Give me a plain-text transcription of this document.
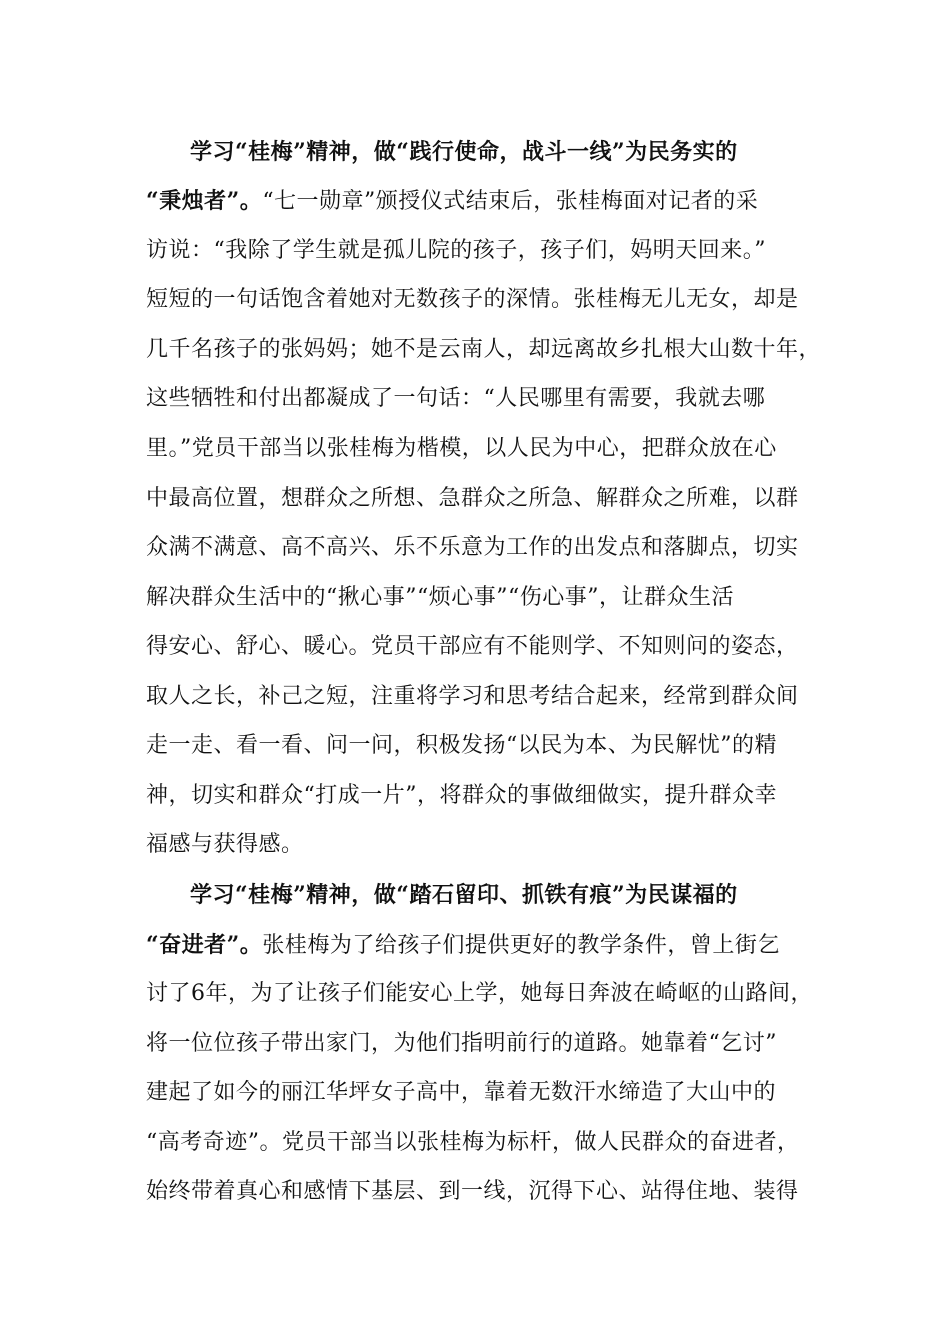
学习“桂梅”精神，做“践行使命，战斗一线”为民务实的
“秉烛者”。“七一勋章”颁授仪式结束后，张桂梅面对记者的采
访说：“我除了学生就是孤儿院的孩子，孩子们，妈明天回来。”
短短的一句话饱含着她对无数孩子的深情。张桂梅无儿无女，却是
几千名孩子的张妈妈；她不是云南人，却远离故乡扎根大山数十年，
这些牺牲和付出都凝成了一句话：“人民哪里有需要，我就去哪
里。”党员干部当以张桂梅为楷模，以人民为中心，把群众放在心
中最高位置，想群众之所想、急群众之所急、解群众之所难，以群
众满不满意、高不高兴、乐不乐意为工作的出发点和落脚点，切实
解决群众生活中的“揪心事”“烦心事”“伤心事”，让群众生活
得安心、舒心、暖心。党员干部应有不能则学、不知则问的姿态，
取人之长，补己之短，注重将学习和思考结合起来，经常到群众间
走一走、看一看、问一问，积极发扬“以民为本、为民解忧”的精
神，切实和群众“打成一片”，将群众的事做细做实，提升群众幸
福感与获得感。
学习“桂梅”精神，做“踏石留印、抓铁有痕”为民谋福的
“奋进者”。张桂梅为了给孩子们提供更好的教学条件，曾上街乞
讨了6年，为了让孩子们能安心上学，她每日奔波在崎岖的山路间，
将一位位孩子带出家门，为他们指明前行的道路。她靠着“乞讨”
建起了如今的丽江华坪女子高中，靠着无数汗水缔造了大山中的
“高考奇迹”。党员干部当以张桂梅为标杆，做人民群众的奋进者，
始终带着真心和感情下基层、到一线，沉得下心、站得住地、装得
